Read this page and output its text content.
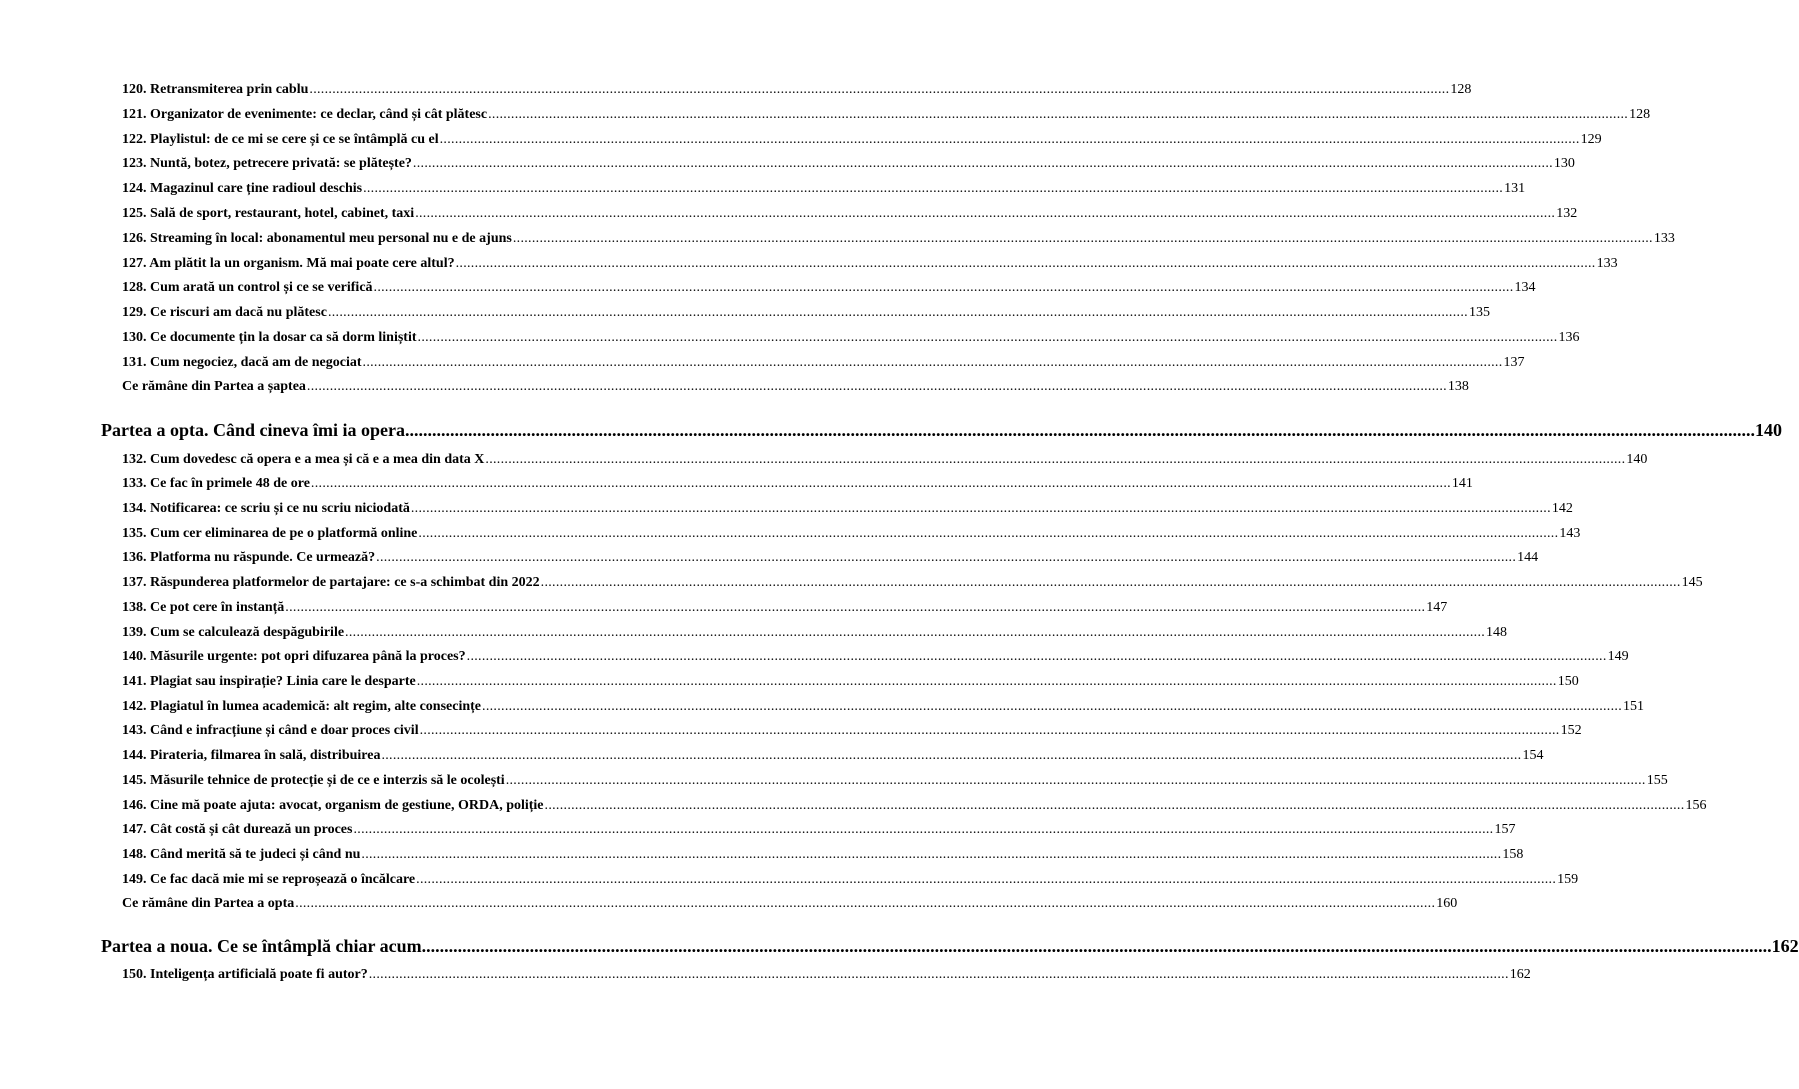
120. Retransmiterea prin cablu ............................................................................................................................................................................................................................................................................................................ 128
121. Organizator de evenimente: ce declar, când și cât plătesc ............................................................................................................................................................................................................................................................................................................ 128
122. Playlistul: de ce mi se cere și ce se întâmplă cu el ............................................................................................................................................................................................................................................................................................................ 129
123. Nuntă, botez, petrecere privată: se plătește? ............................................................................................................................................................................................................................................................................................................ 130
124. Magazinul care ține radioul deschis ............................................................................................................................................................................................................................................................................................................ 131
125. Sală de sport, restaurant, hotel, cabinet, taxi ............................................................................................................................................................................................................................................................................................................ 132
126. Streaming în local: abonamentul meu personal nu e de ajuns ............................................................................................................................................................................................................................................................................................................ 133
127. Am plătit la un organism. Mă mai poate cere altul? ............................................................................................................................................................................................................................................................................................................ 133
128. Cum arată un control și ce se verifică ............................................................................................................................................................................................................................................................................................................ 134
129. Ce riscuri am dacă nu plătesc ............................................................................................................................................................................................................................................................................................................ 135
130. Ce documente țin la dosar ca să dorm liniștit ............................................................................................................................................................................................................................................................................................................ 136
131. Cum negociez, dacă am de negociat ............................................................................................................................................................................................................................................................................................................ 137
Ce rămâne din Partea a șaptea ............................................................................................................................................................................................................................................................................................................ 138
Partea a opta. Când cineva îmi ia opera ............................................................................................................................................................................................................................................................................................................ 140
132. Cum dovedesc că opera e a mea și că e a mea din data X ............................................................................................................................................................................................................................................................................................................ 140
133. Ce fac în primele 48 de ore ............................................................................................................................................................................................................................................................................................................ 141
134. Notificarea: ce scriu și ce nu scriu niciodată ............................................................................................................................................................................................................................................................................................................ 142
135. Cum cer eliminarea de pe o platformă online ............................................................................................................................................................................................................................................................................................................ 143
136. Platforma nu răspunde. Ce urmează? ............................................................................................................................................................................................................................................................................................................ 144
137. Răspunderea platformelor de partajare: ce s-a schimbat din 2022 ............................................................................................................................................................................................................................................................................................................ 145
138. Ce pot cere în instanță ............................................................................................................................................................................................................................................................................................................ 147
139. Cum se calculează despăgubirile ............................................................................................................................................................................................................................................................................................................ 148
140. Măsurile urgente: pot opri difuzarea până la proces? ............................................................................................................................................................................................................................................................................................................ 149
141. Plagiat sau inspirație? Linia care le desparte ............................................................................................................................................................................................................................................................................................................ 150
142. Plagiatul în lumea academică: alt regim, alte consecințe ............................................................................................................................................................................................................................................................................................................ 151
143. Când e infracțiune și când e doar proces civil ............................................................................................................................................................................................................................................................................................................ 152
144. Pirateria, filmarea în sală, distribuirea ............................................................................................................................................................................................................................................................................................................ 154
145. Măsurile tehnice de protecție și de ce e interzis să le ocolești ............................................................................................................................................................................................................................................................................................................ 155
146. Cine mă poate ajuta: avocat, organism de gestiune, ORDA, poliție ............................................................................................................................................................................................................................................................................................................ 156
147. Cât costă și cât durează un proces ............................................................................................................................................................................................................................................................................................................ 157
148. Când merită să te judeci și când nu ............................................................................................................................................................................................................................................................................................................ 158
149. Ce fac dacă mie mi se reproșează o încălcare ............................................................................................................................................................................................................................................................................................................ 159
Ce rămâne din Partea a opta ............................................................................................................................................................................................................................................................................................................ 160
Partea a noua. Ce se întâmplă chiar acum ............................................................................................................................................................................................................................................................................................................ 162
150. Inteligența artificială poate fi autor? ............................................................................................................................................................................................................................................................................................................ 162
